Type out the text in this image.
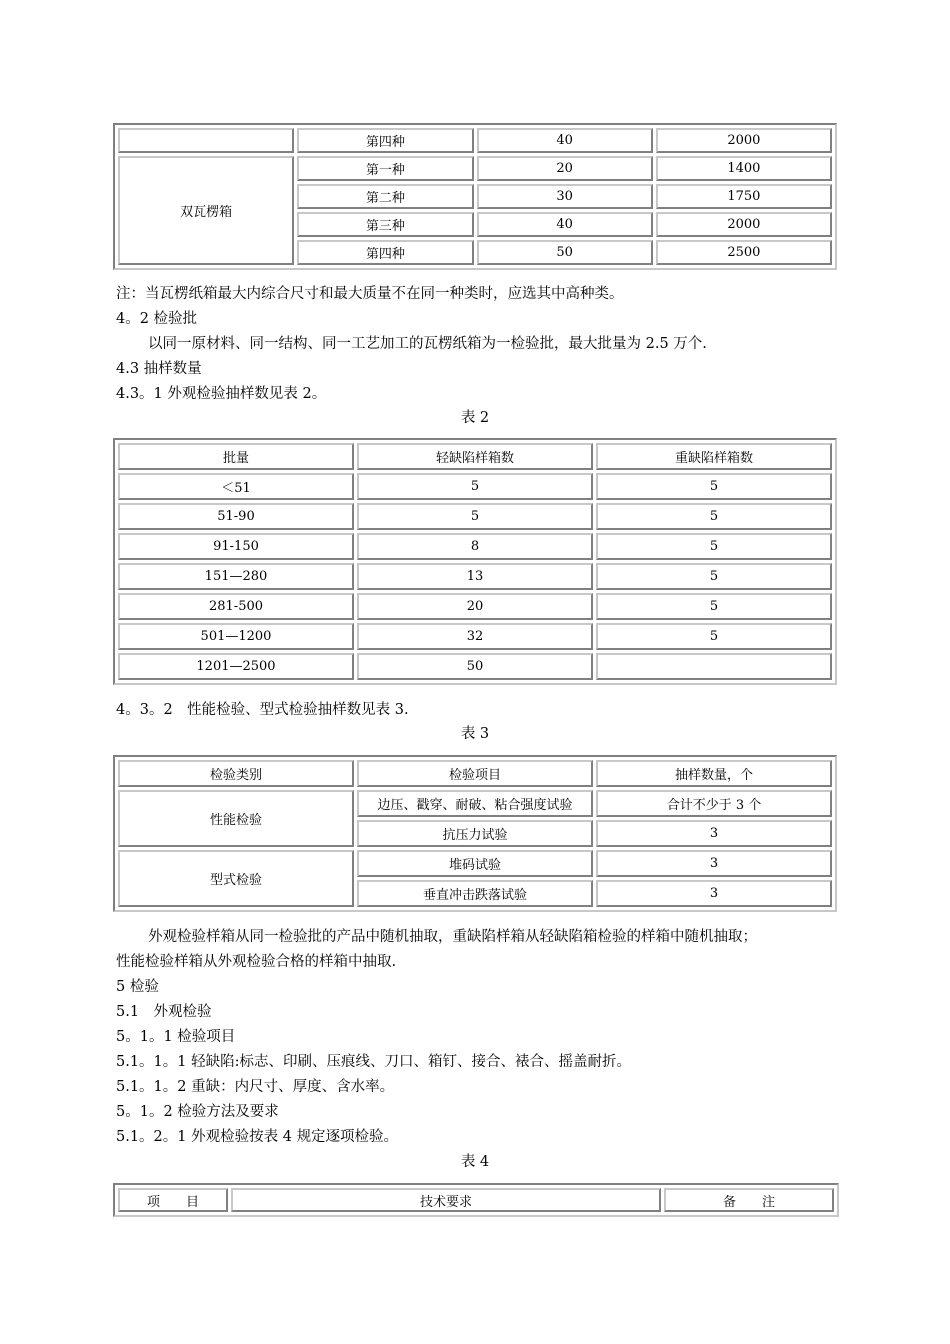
	第四种	40	2000
双瓦楞箱	第一种	20	1400
	第二种	30	1750
	第三种	40	2000
	第四种	50	2500
注：当瓦楞纸箱最大内综合尺寸和最大质量不在同一种类时，应选其中高种类。
4。2 检验批
以同一原材料、同一结构、同一工艺加工的瓦楞纸箱为一检验批，最大批量为 2.5 万个.
4.3 抽样数量
4.3。1 外观检验抽样数见表 2。
表 2
批量	轻缺陷样箱数	重缺陷样箱数
＜51	5	5
51-90	5	5
91-150	8	5
151—280	13	5
281-500	20	5
501—1200	32	5
1201—2500	50	
4。3。2　性能检验、型式检验抽样数见表 3.
表 3
检验类别	检验项目	抽样数量，个
性能检验	边压、戳穿、耐破、粘合强度试验	合计不少于 3 个
	抗压力试验	3
型式检验	堆码试验	3
	垂直冲击跌落试验	3
外观检验样箱从同一检验批的产品中随机抽取，重缺陷样箱从轻缺陷箱检验的样箱中随机抽取；
性能检验样箱从外观检验合格的样箱中抽取.
5 检验
5.1　外观检验
5。1。1 检验项目
5.1。1。1 轻缺陷:标志、印刷、压痕线、刀口、箱钉、接合、裱合、摇盖耐折。
5.1。1。2 重缺：内尺寸、厚度、含水率。
5。1。2 检验方法及要求
5.1。2。1 外观检验按表 4 规定逐项检验。
表 4
项　　目	技术要求	备　　注
